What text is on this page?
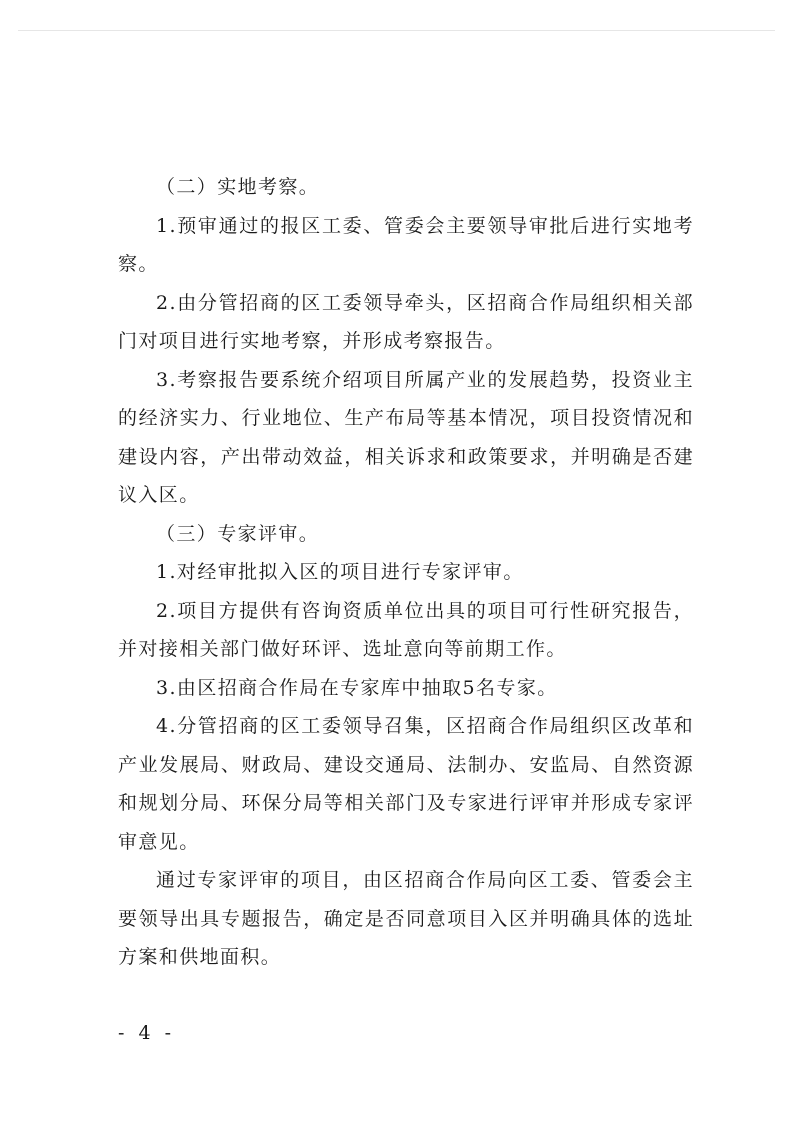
（二）实地考察。

1.预审通过的报区工委、管委会主要领导审批后进行实地考察。

2.由分管招商的区工委领导牵头，区招商合作局组织相关部门对项目进行实地考察，并形成考察报告。

3.考察报告要系统介绍项目所属产业的发展趋势，投资业主的经济实力、行业地位、生产布局等基本情况，项目投资情况和建设内容，产出带动效益，相关诉求和政策要求，并明确是否建议入区。

（三）专家评审。

1.对经审批拟入区的项目进行专家评审。

2.项目方提供有咨询资质单位出具的项目可行性研究报告，并对接相关部门做好环评、选址意向等前期工作。

3.由区招商合作局在专家库中抽取5名专家。

4.分管招商的区工委领导召集，区招商合作局组织区改革和产业发展局、财政局、建设交通局、法制办、安监局、自然资源和规划分局、环保分局等相关部门及专家进行评审并形成专家评审意见。

通过专家评审的项目，由区招商合作局向区工委、管委会主要领导出具专题报告，确定是否同意项目入区并明确具体的选址方案和供地面积。

- 4 -
